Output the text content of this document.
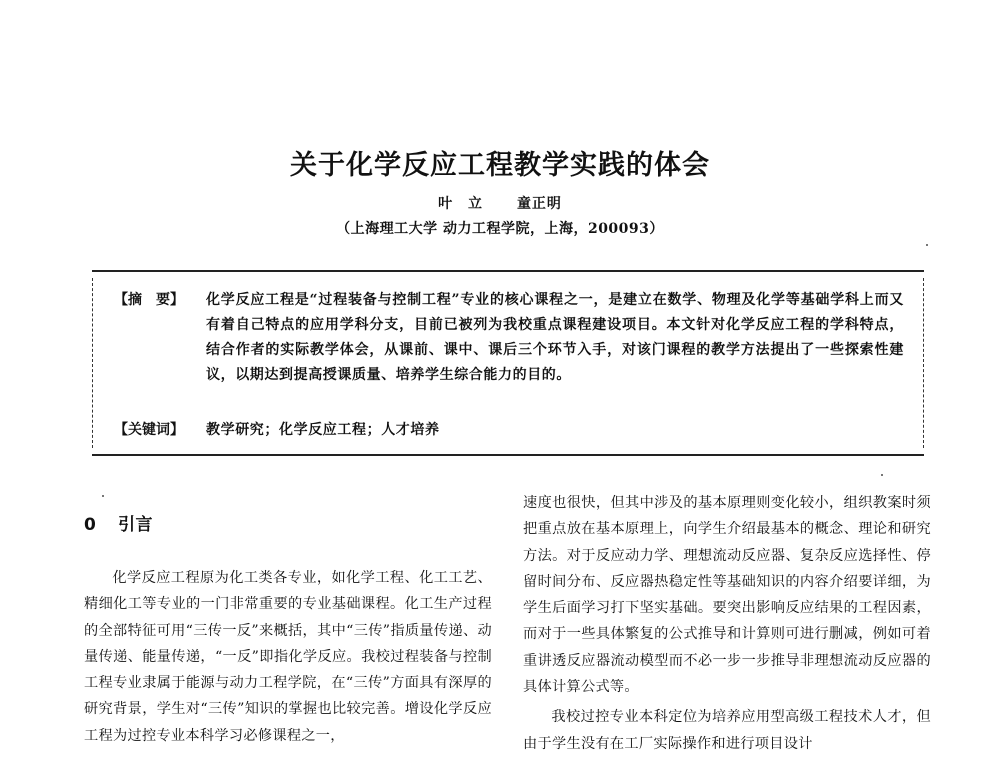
关于化学反应工程教学实践的体会
叶　立 童正明
（上海理工大学 动力工程学院，上海，200093）
【摘　要】	化学反应工程是“过程装备与控制工程”专业的核心课程之一，是建立在数学、物理及化学等基础学科上而又有着自己特点的应用学科分支，目前已被列为我校重点课程建设项目。本文针对化学反应工程的学科特点，结合作者的实际教学体会，从课前、课中、课后三个环节入手，对该门课程的教学方法提出了一些探索性建议，以期达到提高授课质量、培养学生综合能力的目的。
【关键词】	教学研究；化学反应工程；人才培养
0 引言

化学反应工程原为化工类各专业，如化学工程、化工工艺、精细化工等专业的一门非常重要的专业基础课程。化工生产过程的全部特征可用“三传一反”来概括，其中“三传”指质量传递、动量传递、能量传递，“一反”即指化学反应。我校过程装备与控制工程专业隶属于能源与动力工程学院，在“三传”方面具有深厚的研究背景，学生对“三传”知识的掌握也比较完善。增设化学反应工程为过控专业本科学习必修课程之一，

速度也很快，但其中涉及的基本原理则变化较小，组织教案时须把重点放在基本原理上，向学生介绍最基本的概念、理论和研究方法。对于反应动力学、理想流动反应器、复杂反应选择性、停留时间分布、反应器热稳定性等基础知识的内容介绍要详细，为学生后面学习打下坚实基础。要突出影响反应结果的工程因素，而对于一些具体繁复的公式推导和计算则可进行删减，例如可着重讲透反应器流动模型而不必一步一步推导非理想流动反应器的具体计算公式等。

我校过控专业本科定位为培养应用型高级工程技术人才，但由于学生没有在工厂实际操作和进行项目设计
